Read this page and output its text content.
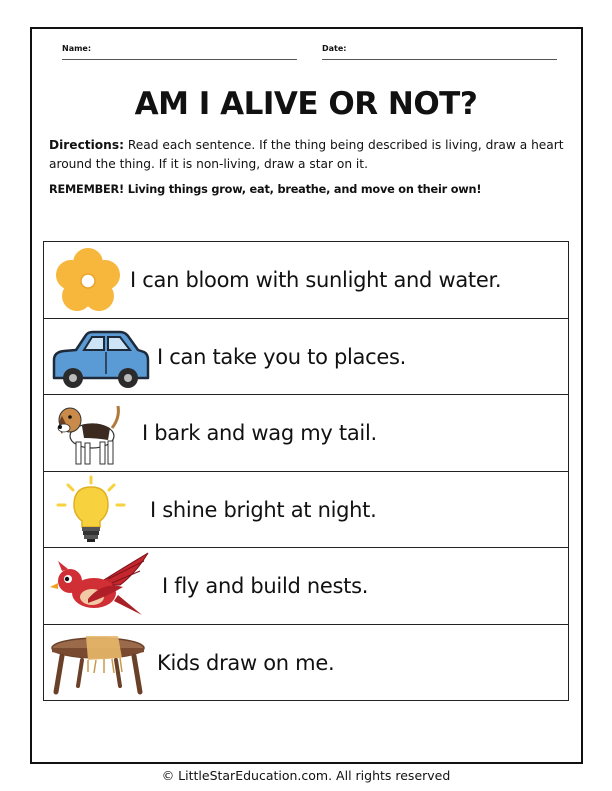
Name:	Date:
AM I ALIVE OR NOT?
Directions: Read each sentence. If the thing being described is living, draw a heart around the thing. If it is non-living, draw a star on it.
REMEMBER! Living things grow, eat, breathe, and move on their own!
I can bloom with sunlight and water.
I can take you to places.
I bark and wag my tail.
I shine bright at night.
I fly and build nests.
Kids draw on me.
© LittleStarEducation.com. All rights reserved
